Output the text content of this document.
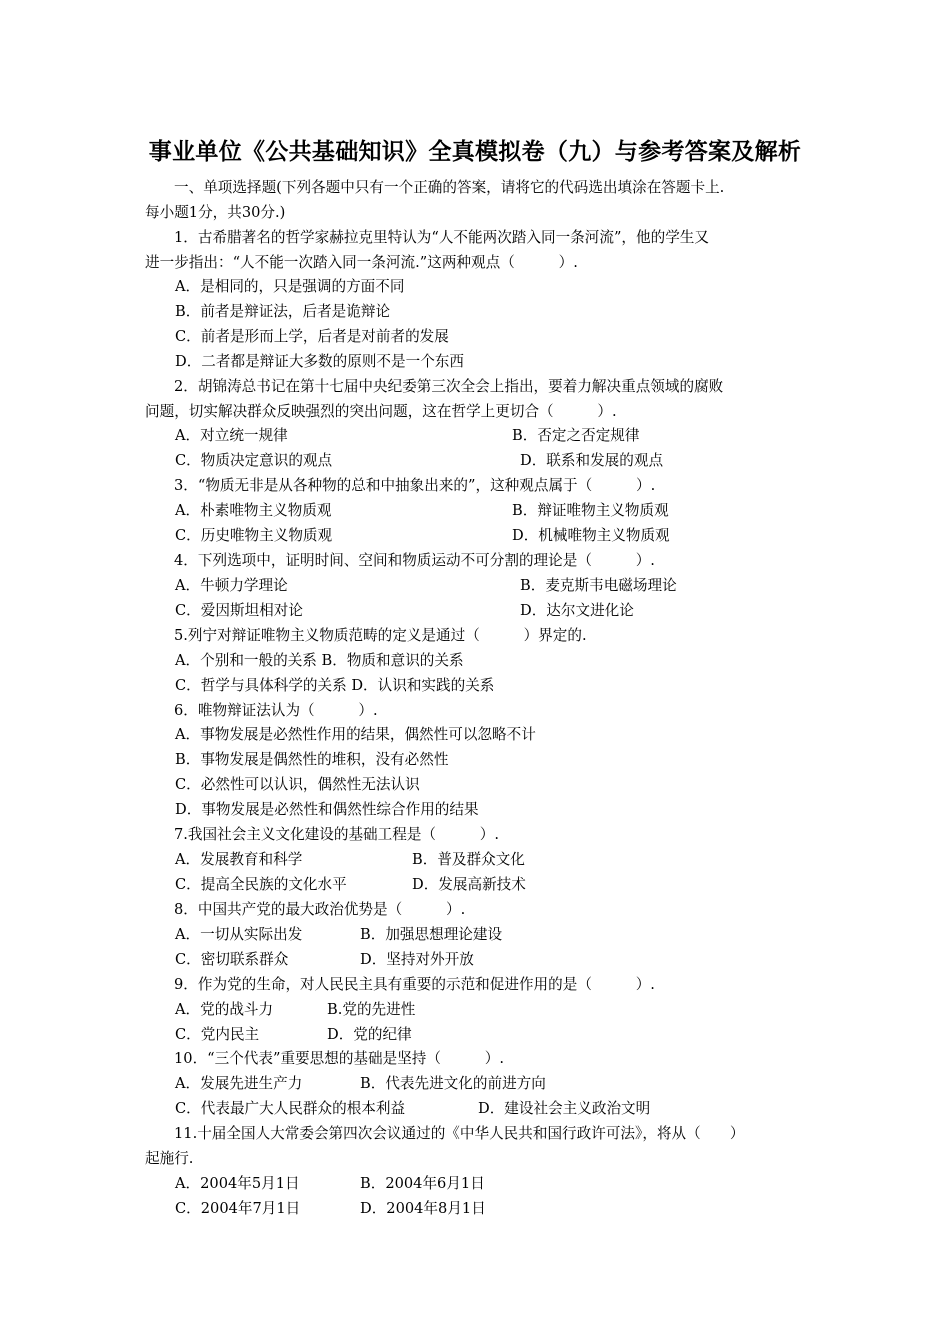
事业单位《公共基础知识》全真模拟卷（九）与参考答案及解析
一、单项选择题(下列各题中只有一个正确的答案，请将它的代码选出填涂在答题卡上.
每小题1分，共30分.)
1．古希腊著名的哲学家赫拉克里特认为“人不能两次踏入同一条河流”，他的学生又
进一步指出：“人不能一次踏入同一条河流.”这两种观点（　　　）.
A．是相同的，只是强调的方面不同
B．前者是辩证法，后者是诡辩论
C．前者是形而上学，后者是对前者的发展
D．二者都是辩证大多数的原则不是一个东西
2．胡锦涛总书记在第十七届中央纪委第三次全会上指出，要着力解决重点领域的腐败
问题，切实解决群众反映强烈的突出问题，这在哲学上更切合（　　　）.
A．对立统一规律	B．否定之否定规律
C．物质决定意识的观点	D．联系和发展的观点
3．“物质无非是从各种物的总和中抽象出来的”，这种观点属于（　　　）.
A．朴素唯物主义物质观	B．辩证唯物主义物质观
C．历史唯物主义物质观	D．机械唯物主义物质观
4．下列选项中，证明时间、空间和物质运动不可分割的理论是（　　　）.
A．牛顿力学理论	B．麦克斯韦电磁场理论
C．爱因斯坦相对论	D．达尔文进化论
5.列宁对辩证唯物主义物质范畴的定义是通过（　　　）界定的.
A．个别和一般的关系 B．物质和意识的关系
C．哲学与具体科学的关系 D．认识和实践的关系
6．唯物辩证法认为（　　　）.
A．事物发展是必然性作用的结果，偶然性可以忽略不计
B．事物发展是偶然性的堆积，没有必然性
C．必然性可以认识，偶然性无法认识
D．事物发展是必然性和偶然性综合作用的结果
7.我国社会主义文化建设的基础工程是（　　　）.
A．发展教育和科学	B．普及群众文化
C．提高全民族的文化水平	D．发展高新技术
8．中国共产党的最大政治优势是（　　　）.
A．一切从实际出发	B．加强思想理论建设
C．密切联系群众	D．坚持对外开放
9．作为党的生命，对人民民主具有重要的示范和促进作用的是（　　　）.
A．党的战斗力	B.党的先进性
C．党内民主	D．党的纪律
10．“三个代表”重要思想的基础是坚持（　　　）.
A．发展先进生产力	B．代表先进文化的前进方向
C．代表最广大人民群众的根本利益	D．建设社会主义政治文明
11.十届全国人大常委会第四次会议通过的《中华人民共和国行政许可法》，将从（　　）
起施行.
A．2004年5月1日	B．2004年6月1日
C．2004年7月1日	D．2004年8月1日
